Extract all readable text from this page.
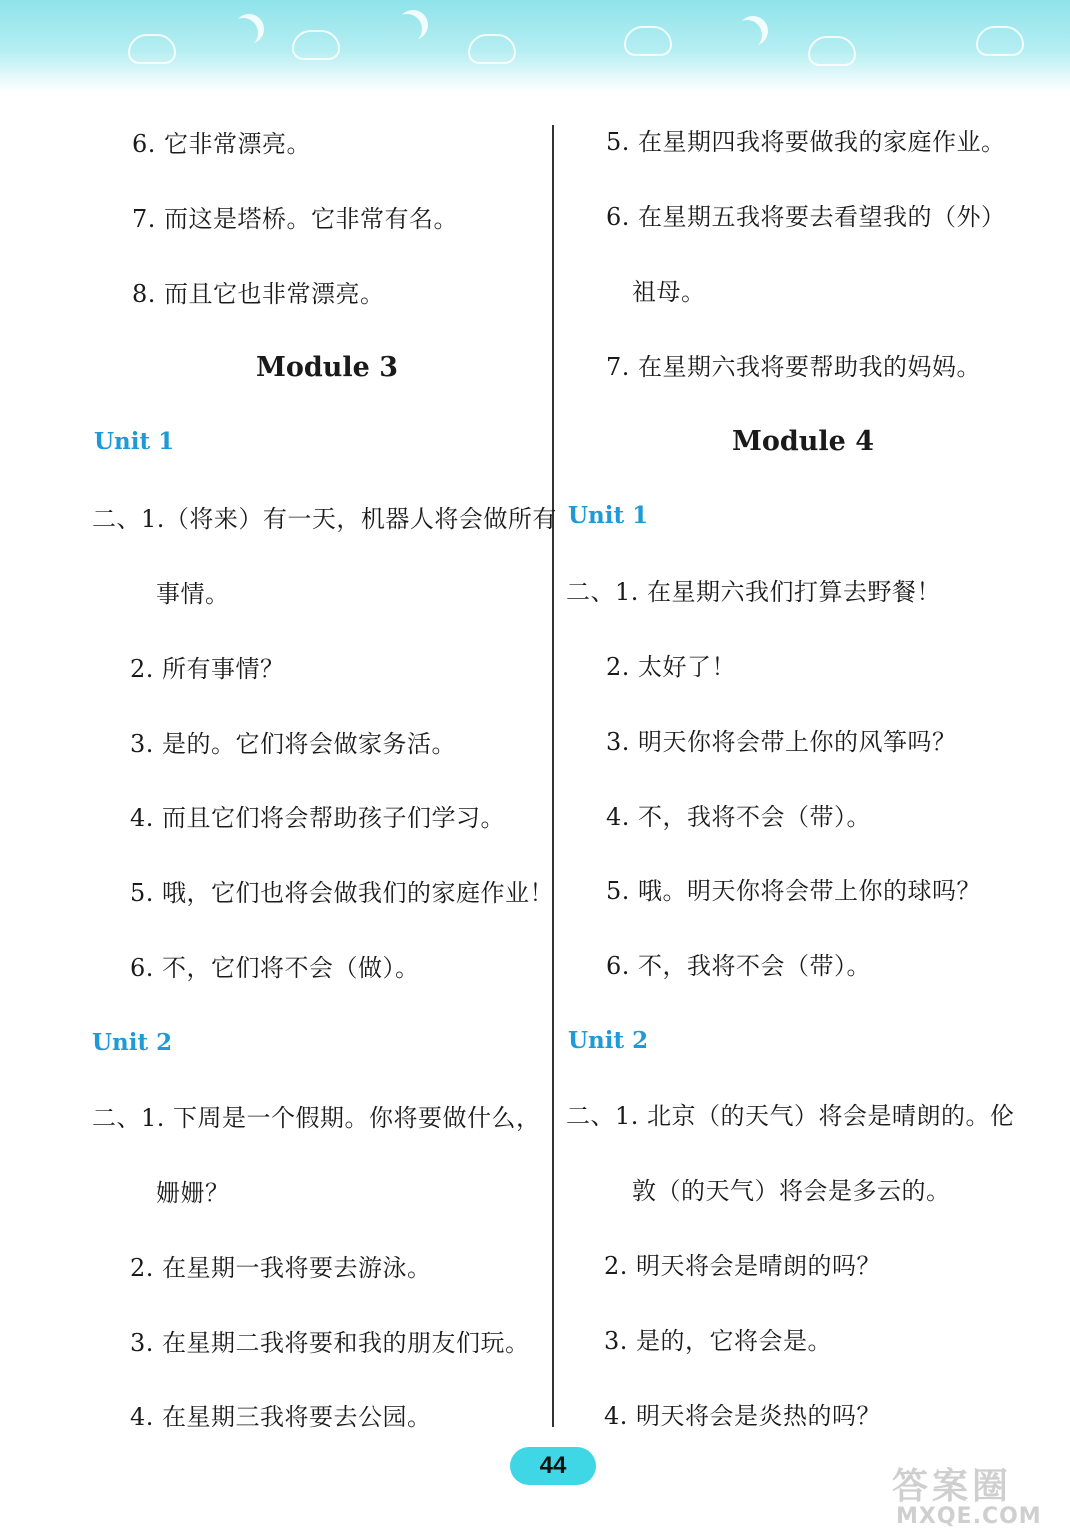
6. 它非常漂亮。
7. 而这是塔桥。它非常有名。
8. 而且它也非常漂亮。
Module 3
Unit 1
二、1.（将来）有一天，机器人将会做所有
事情。
2. 所有事情？
3. 是的。它们将会做家务活。
4. 而且它们将会帮助孩子们学习。
5. 哦，它们也将会做我们的家庭作业！
6. 不，它们将不会（做）。
Unit 2
二、1. 下周是一个假期。你将要做什么，
姗姗？
2. 在星期一我将要去游泳。
3. 在星期二我将要和我的朋友们玩。
4. 在星期三我将要去公园。
5. 在星期四我将要做我的家庭作业。
6. 在星期五我将要去看望我的（外）
祖母。
7. 在星期六我将要帮助我的妈妈。
Module 4
Unit 1
二、1. 在星期六我们打算去野餐！
2. 太好了！
3. 明天你将会带上你的风筝吗？
4. 不，我将不会（带）。
5. 哦。明天你将会带上你的球吗？
6. 不，我将不会（带）。
Unit 2
二、1. 北京（的天气）将会是晴朗的。伦
敦（的天气）将会是多云的。
2. 明天将会是晴朗的吗？
3. 是的，它将会是。
4. 明天将会是炎热的吗？
44
答案圈
MXQE.COM
